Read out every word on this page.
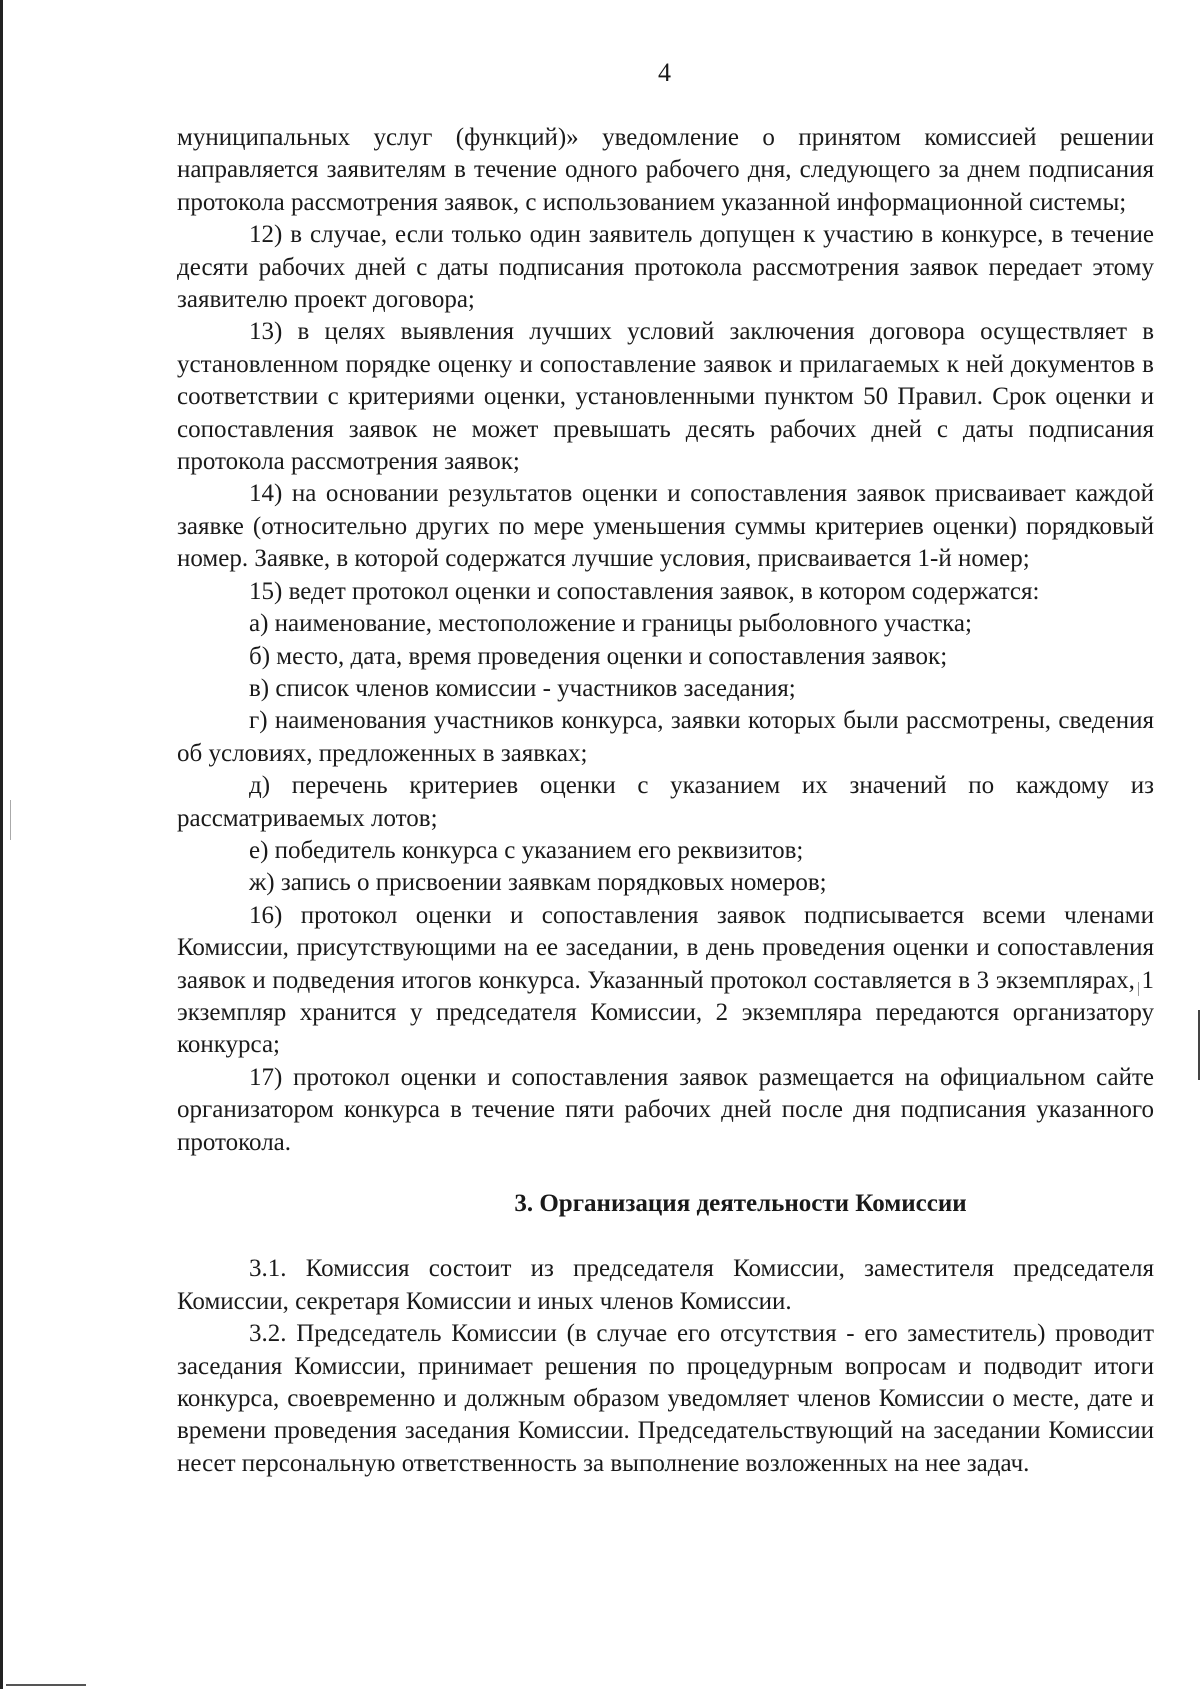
4

муниципальных услуг (функций)» уведомление о принятом комиссией решении направляется заявителям в течение одного рабочего дня, следующего за днем подписания протокола рассмотрения заявок, с использованием указанной информационной системы;

12) в случае, если только один заявитель допущен к участию в конкурсе, в течение десяти рабочих дней с даты подписания протокола рассмотрения заявок передает этому заявителю проект договора;

13) в целях выявления лучших условий заключения договора осуществляет в установленном порядке оценку и сопоставление заявок и прилагаемых к ней документов в соответствии с критериями оценки, установленными пунктом 50 Правил. Срок оценки и сопоставления заявок не может превышать десять рабочих дней с даты подписания протокола рассмотрения заявок;

14) на основании результатов оценки и сопоставления заявок присваивает каждой заявке (относительно других по мере уменьшения суммы критериев оценки) порядковый номер. Заявке, в которой содержатся лучшие условия, присваивается 1-й номер;

15) ведет протокол оценки и сопоставления заявок, в котором содержатся:

а) наименование, местоположение и границы рыболовного участка;

б) место, дата, время проведения оценки и сопоставления заявок;

в) список членов комиссии - участников заседания;

г) наименования участников конкурса, заявки которых были рассмотрены, сведения об условиях, предложенных в заявках;

д) перечень критериев оценки с указанием их значений по каждому из рассматриваемых лотов;

е) победитель конкурса с указанием его реквизитов;

ж) запись о присвоении заявкам порядковых номеров;

16) протокол оценки и сопоставления заявок подписывается всеми членами Комиссии, присутствующими на ее заседании, в день проведения оценки и сопоставления заявок и подведения итогов конкурса. Указанный протокол составляется в 3 экземплярах, 1 экземпляр хранится у председателя Комиссии, 2 экземпляра передаются организатору конкурса;

17) протокол оценки и сопоставления заявок размещается на официальном сайте организатором конкурса в течение пяти рабочих дней после дня подписания указанного протокола.

3. Организация деятельности Комиссии

3.1. Комиссия состоит из председателя Комиссии, заместителя председателя Комиссии, секретаря Комиссии и иных членов Комиссии.

3.2. Председатель Комиссии (в случае его отсутствия - его заместитель) проводит заседания Комиссии, принимает решения по процедурным вопросам и подводит итоги конкурса, своевременно и должным образом уведомляет членов Комиссии о месте, дате и времени проведения заседания Комиссии. Председательствующий на заседании Комиссии несет персональную ответственность за выполнение возложенных на нее задач.
